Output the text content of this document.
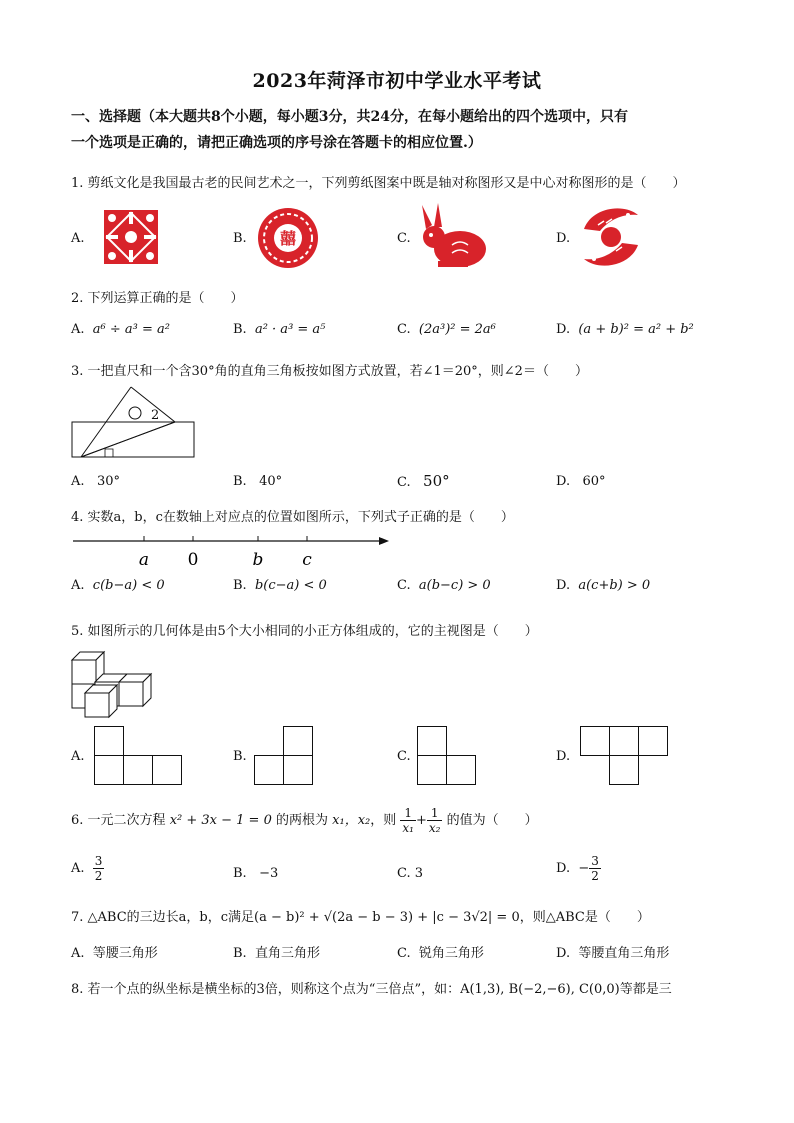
2023年菏泽市初中学业水平考试
一、选择题（本大题共8个小题，每小题3分，共24分，在每小题给出的四个选项中，只有
一个选项是正确的，请把正确选项的序号涂在答题卡的相应位置.）
1. 剪纸文化是我国最古老的民间艺术之一，下列剪纸图案中既是轴对称图形又是中心对称图形的是（　　）
A.	B. 囍	C.	D.
2. 下列运算正确的是（　　）
A. a⁶ ÷ a³ = a²	B. a² · a³ = a⁵	C. (2a³)² = 2a⁶	D. (a + b)² = a² + b²
3. 一把直尺和一个含30°角的直角三角板按如图方式放置，若∠1＝20°，则∠2＝（　　）
2
A. 30°	B. 40°	C. 50°	D. 60°
4. 实数a，b，c在数轴上对应点的位置如图所示，下列式子正确的是（　　）
a 0	b c
A. c(b−a) < 0	B. b(c−a) < 0	C. a(b−c) > 0	D. a(c+b) > 0
5. 如图所示的几何体是由5个大小相同的小正方体组成的，它的主视图是（　　）
A.	B.	C.	D.
6. 一元二次方程 x² + 3x − 1 = 0 的两根为 x₁，x₂，则 $\frac{1}{\text{x₁}} + \frac{1}{\text{x₂}}$ 的值为（　　）
A. $\frac{3}{2}$	B. −3	C. 3	D. − $\frac{3}{2}$
7. △ABC的三边长a，b，c满足(a − b)² + √(2a − b − 3) + |c − 3√2| = 0，则△ABC是（　　）
A. 等腰三角形	B. 直角三角形	C. 锐角三角形	D. 等腰直角三角形
8. 若一个点的纵坐标是横坐标的3倍，则称这个点为“三倍点”，如：A(1,3), B(−2,−6), C(0,0)等都是三
